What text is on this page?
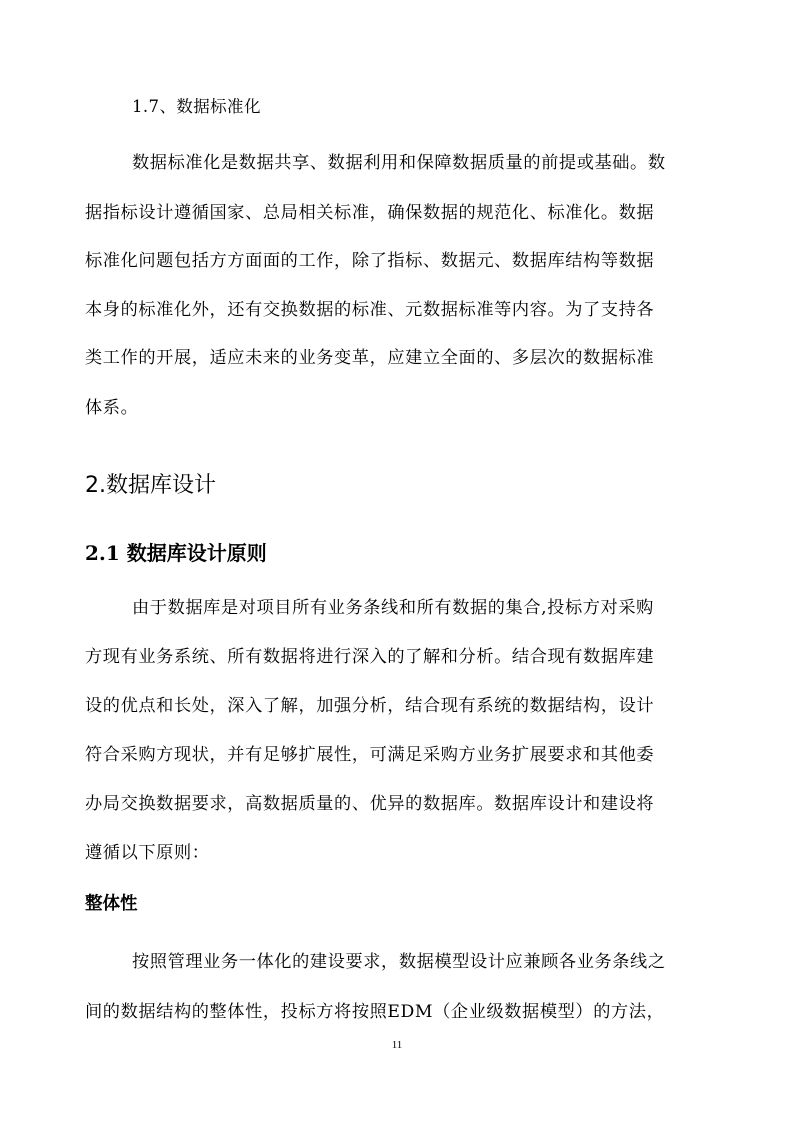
1.7、数据标准化
数据标准化是数据共享、数据利用和保障数据质量的前提或基础。数
据指标设计遵循国家、总局相关标准，确保数据的规范化、标准化。数据
标准化问题包括方方面面的工作，除了指标、数据元、数据库结构等数据
本身的标准化外，还有交换数据的标准、元数据标准等内容。为了支持各
类工作的开展，适应未来的业务变革，应建立全面的、多层次的数据标准
体系。
2.数据库设计
2.1 数据库设计原则
由于数据库是对项目所有业务条线和所有数据的集合,投标方对采购
方现有业务系统、所有数据将进行深入的了解和分析。结合现有数据库建
设的优点和长处，深入了解，加强分析，结合现有系统的数据结构，设计
符合采购方现状，并有足够扩展性，可满足采购方业务扩展要求和其他委
办局交换数据要求，高数据质量的、优异的数据库。数据库设计和建设将
遵循以下原则：
整体性
按照管理业务一体化的建设要求，数据模型设计应兼顾各业务条线之
间的数据结构的整体性，投标方将按照EDM（企业级数据模型）的方法，
11
